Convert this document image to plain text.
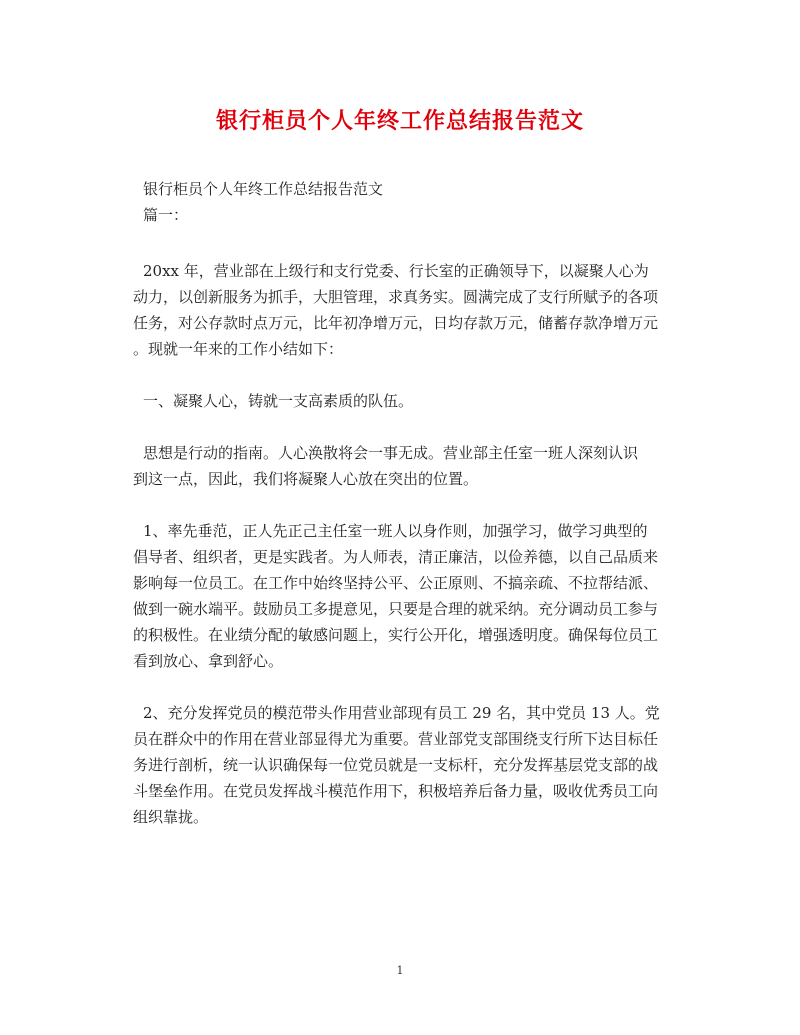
银行柜员个人年终工作总结报告范文
银行柜员个人年终工作总结报告范文
篇一：
20xx 年，营业部在上级行和支行党委、行长室的正确领导下，以凝聚人心为
动力，以创新服务为抓手，大胆管理，求真务实。圆满完成了支行所赋予的各项
任务，对公存款时点万元，比年初净增万元，日均存款万元，储蓄存款净增万元
。现就一年来的工作小结如下：
一、凝聚人心，铸就一支高素质的队伍。
思想是行动的指南。人心涣散将会一事无成。营业部主任室一班人深刻认识
到这一点，因此，我们将凝聚人心放在突出的位置。
1、率先垂范，正人先正己主任室一班人以身作则，加强学习，做学习典型的
倡导者、组织者，更是实践者。为人师表，清正廉洁，以俭养德，以自己品质来
影响每一位员工。在工作中始终坚持公平、公正原则、不搞亲疏、不拉帮结派、
做到一碗水端平。鼓励员工多提意见，只要是合理的就采纳。充分调动员工参与
的积极性。在业绩分配的敏感问题上，实行公开化，增强透明度。确保每位员工
看到放心、拿到舒心。
2、充分发挥党员的模范带头作用营业部现有员工 29 名，其中党员 13 人。党
员在群众中的作用在营业部显得尤为重要。营业部党支部围绕支行所下达目标任
务进行剖析，统一认识确保每一位党员就是一支标杆，充分发挥基层党支部的战
斗堡垒作用。在党员发挥战斗模范作用下，积极培养后备力量，吸收优秀员工向
组织靠拢。
1
